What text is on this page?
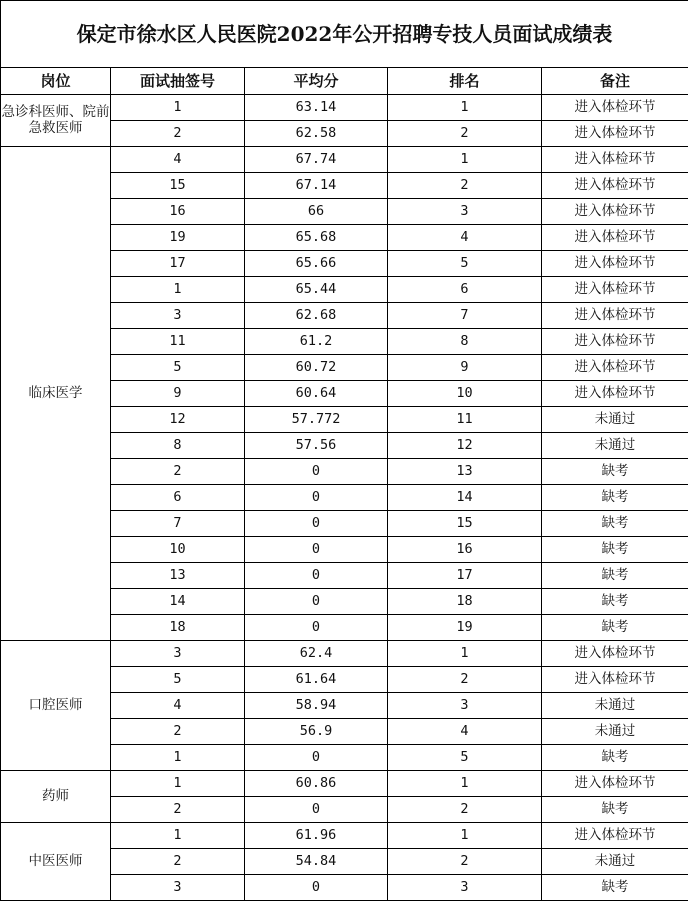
保定市徐水区人民医院2022年公开招聘专技人员面试成绩表				
岗位	面试抽签号	平均分	排名	备注
急诊科医师、院前急救医师	1	63.14	1	进入体检环节
	2	62.58	2	进入体检环节
临床医学	4	67.74	1	进入体检环节
	15	67.14	2	进入体检环节
	16	66	3	进入体检环节
	19	65.68	4	进入体检环节
	17	65.66	5	进入体检环节
	1	65.44	6	进入体检环节
	3	62.68	7	进入体检环节
	11	61.2	8	进入体检环节
	5	60.72	9	进入体检环节
	9	60.64	10	进入体检环节
	12	57.772	11	未通过
	8	57.56	12	未通过
	2	0	13	缺考
	6	0	14	缺考
	7	0	15	缺考
	10	0	16	缺考
	13	0	17	缺考
	14	0	18	缺考
	18	0	19	缺考
口腔医师	3	62.4	1	进入体检环节
	5	61.64	2	进入体检环节
	4	58.94	3	未通过
	2	56.9	4	未通过
	1	0	5	缺考
药师	1	60.86	1	进入体检环节
	2	0	2	缺考
中医医师	1	61.96	1	进入体检环节
	2	54.84	2	未通过
	3	0	3	缺考
